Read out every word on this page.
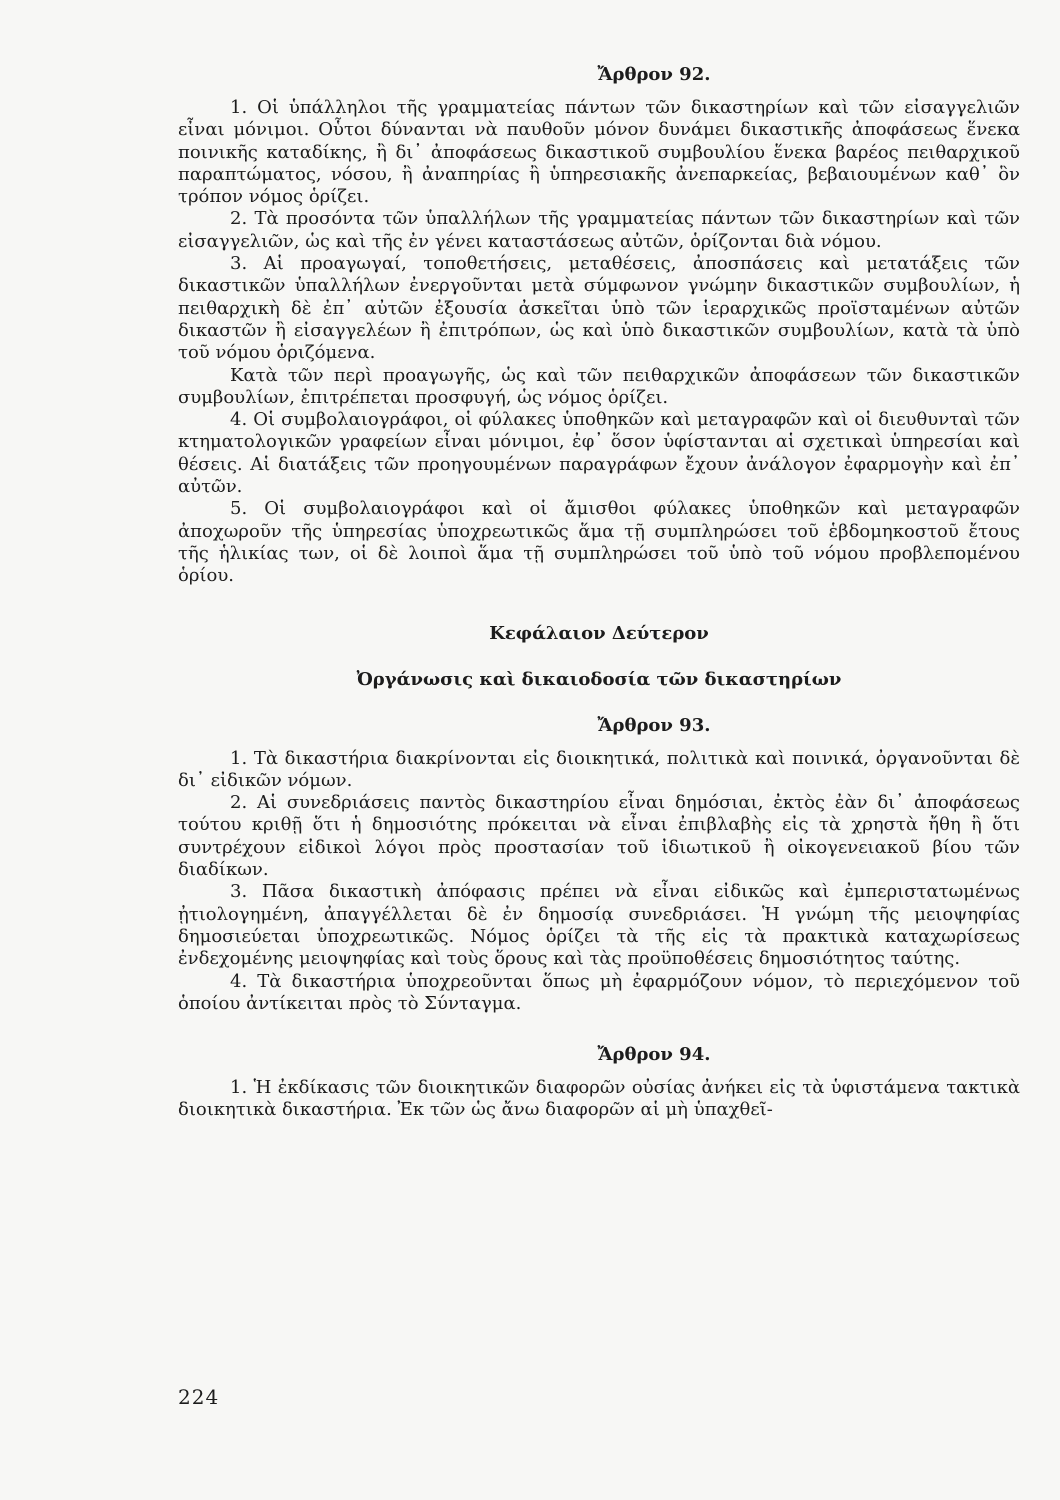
Ἄρθρον 92.

1. Οἱ ὑπάλληλοι τῆς γραμματείας πάντων τῶν δικαστηρίων καὶ τῶν εἰσαγγελιῶν εἶναι μόνιμοι. Οὗτοι δύνανται νὰ παυθοῦν μόνον δυνάμει δικαστικῆς ἀποφάσεως ἕνεκα ποινικῆς καταδίκης, ἢ δι᾿ ἀποφάσεως δικαστικοῦ συμβουλίου ἕνεκα βαρέος πειθαρχικοῦ παραπτώματος, νόσου, ἢ ἀναπηρίας ἢ ὑπηρεσιακῆς ἀνεπαρκείας, βεβαιουμένων καθ᾿ ὃν τρόπον νόμος ὁρίζει.

2. Τὰ προσόντα τῶν ὑπαλλήλων τῆς γραμματείας πάντων τῶν δικαστηρίων καὶ τῶν εἰσαγγελιῶν, ὡς καὶ τῆς ἐν γένει καταστάσεως αὐτῶν, ὁρίζονται διὰ νόμου.

3. Αἱ προαγωγαί, τοποθετήσεις, μεταθέσεις, ἀποσπάσεις καὶ μετατάξεις τῶν δικαστικῶν ὑπαλλήλων ἐνεργοῦνται μετὰ σύμφωνον γνώμην δικαστικῶν συμβουλίων, ἡ πειθαρχικὴ δὲ ἐπ᾿ αὐτῶν ἐξουσία ἀσκεῖται ὑπὸ τῶν ἱεραρχικῶς προϊσταμένων αὐτῶν δικαστῶν ἢ εἰσαγγελέων ἢ ἐπιτρόπων, ὡς καὶ ὑπὸ δικαστικῶν συμβουλίων, κατὰ τὰ ὑπὸ τοῦ νόμου ὁριζόμενα.

Κατὰ τῶν περὶ προαγωγῆς, ὡς καὶ τῶν πειθαρχικῶν ἀποφάσεων τῶν δικαστικῶν συμβουλίων, ἐπιτρέπεται προσφυγή, ὡς νόμος ὁρίζει.

4. Οἱ συμβολαιογράφοι, οἱ φύλακες ὑποθηκῶν καὶ μεταγραφῶν καὶ οἱ διευθυνταὶ τῶν κτηματολογικῶν γραφείων εἶναι μόνιμοι, ἐφ᾿ ὅσον ὑφίστανται αἱ σχετικαὶ ὑπηρεσίαι καὶ θέσεις. Αἱ διατάξεις τῶν προηγουμένων παραγράφων ἔχουν ἀνάλογον ἐφαρμογὴν καὶ ἐπ᾿ αὐτῶν.

5. Οἱ συμβολαιογράφοι καὶ οἱ ἄμισθοι φύλακες ὑποθηκῶν καὶ μεταγραφῶν ἀποχωροῦν τῆς ὑπηρεσίας ὑποχρεωτικῶς ἅμα τῇ συμπληρώσει τοῦ ἑβδομηκοστοῦ ἔτους τῆς ἡλικίας των, οἱ δὲ λοιποὶ ἅμα τῇ συμπληρώσει τοῦ ὑπὸ τοῦ νόμου προβλεπομένου ὁρίου.

Κεφάλαιον Δεύτερον
Ὀργάνωσις καὶ δικαιοδοσία τῶν δικαστηρίων
Ἄρθρον 93.

1. Τὰ δικαστήρια διακρίνονται εἰς διοικητικά, πολιτικὰ καὶ ποινικά, ὀργανοῦνται δὲ δι᾿ εἰδικῶν νόμων.

2. Αἱ συνεδριάσεις παντὸς δικαστηρίου εἶναι δημόσιαι, ἐκτὸς ἐὰν δι᾿ ἀποφάσεως τούτου κριθῇ ὅτι ἡ δημοσιότης πρόκειται νὰ εἶναι ἐπιβλαβὴς εἰς τὰ χρηστὰ ἤθη ἢ ὅτι συντρέχουν εἰδικοὶ λόγοι πρὸς προστασίαν τοῦ ἰδιωτικοῦ ἢ οἰκογενειακοῦ βίου τῶν διαδίκων.

3. Πᾶσα δικαστικὴ ἀπόφασις πρέπει νὰ εἶναι εἰδικῶς καὶ ἐμπεριστατωμένως ᾐτιολογημένη, ἀπαγγέλλεται δὲ ἐν δημοσίᾳ συνεδριάσει. Ἡ γνώμη τῆς μειοψηφίας δημοσιεύεται ὑποχρεωτικῶς. Νόμος ὁρίζει τὰ τῆς εἰς τὰ πρακτικὰ καταχωρίσεως ἐνδεχομένης μειοψηφίας καὶ τοὺς ὅρους καὶ τὰς προϋποθέσεις δημοσιότητος ταύτης.

4. Τὰ δικαστήρια ὑποχρεοῦνται ὅπως μὴ ἐφαρμόζουν νόμον, τὸ περιεχόμενον τοῦ ὁποίου ἀντίκειται πρὸς τὸ Σύνταγμα.

Ἄρθρον 94.

1. Ἡ ἐκδίκασις τῶν διοικητικῶν διαφορῶν οὐσίας ἀνήκει εἰς τὰ ὑφιστάμενα τακτικὰ διοικητικὰ δικαστήρια. Ἐκ τῶν ὡς ἄνω διαφορῶν αἱ μὴ ὑπαχθεῖ-

224
